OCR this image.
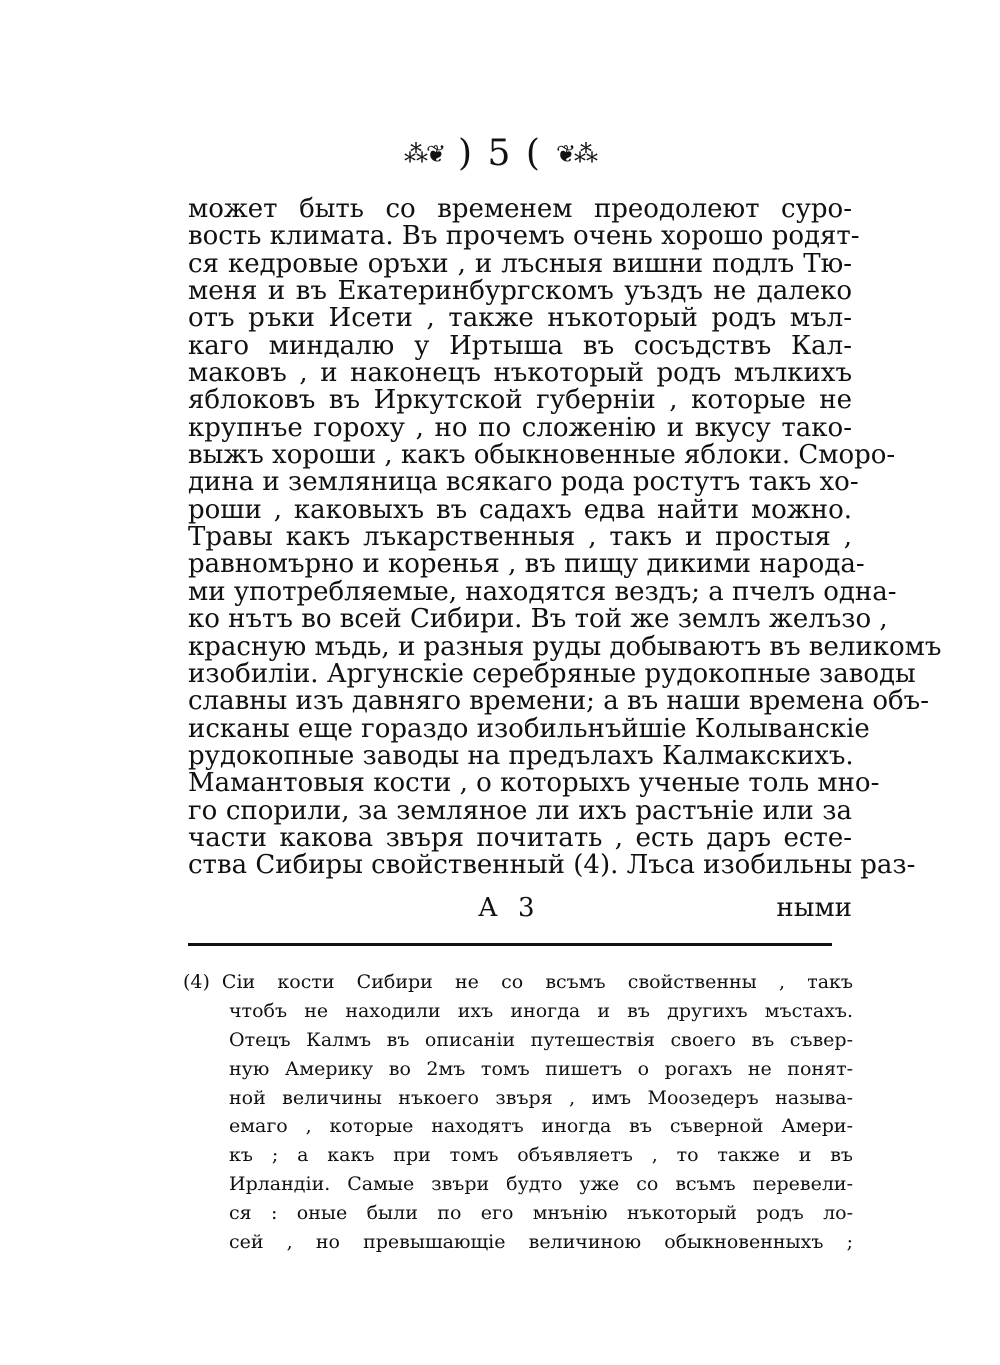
⁂❦ ) 5 ( ❦⁂
может быть со временем преодолеют суро-
вость климата. Въ прочемъ очень хорошо родят-
ся кедровые оръхи , и лъсныя вишни подлъ Тю-
меня и въ Екатеринбургскомъ уъздъ не далеко
отъ ръки Исети , также нъкоторый родъ мъл-
каго миндалю у Иртыша въ сосъдствъ Кал-
маковъ , и наконецъ нъкоторый родъ мълкихъ
яблоковъ въ Иркутской губернiи , которые не
крупнъе гороху , но по сложенiю и вкусу тако-
выжъ хороши , какъ обыкновенные яблоки. Сморо-
дина и земляница всякаго рода ростутъ такъ хо-
роши , каковыхъ въ садахъ едва найти можно.
Травы какъ лъкарственныя , такъ и простыя ,
равномърно и коренья , въ пищу дикими народа-
ми употребляемые, находятся вездъ; а пчелъ одна-
ко нътъ во всей Сибири. Въ той же землъ желъзо ,
красную мъдь, и разныя руды добываютъ въ великомъ
изобилiи. Аргунскiе серебряные рудокопные заводы
славны изъ давняго времени; а въ наши времена объ-
исканы еще гораздо изобильнъйшiе Колыванскiе
рудокопные заводы на предълахъ Калмакскихъ.
Мамантовыя кости , о которыхъ ученые толь мно-
го спорили, за земляное ли ихъ растънiе или за
части какова звъря почитать , есть даръ есте-
ства Сибиры свойственный (4). Лъса изобильны раз-
А 3	ными
(4) Сiи кости Сибири не со всъмъ свойственны , такъ
чтобъ не находили ихъ иногда и въ другихъ мъстахъ.
Отецъ Калмъ въ описанiи путешествiя своего въ съвер-
ную Америку во 2мъ томъ пишетъ о рогахъ не понят-
ной величины нъкоего звъря , имъ Моозедеръ называ-
емаго , которые находятъ иногда въ съверной Амери-
къ ; а какъ при томъ объявляетъ , то также и въ
Ирландiи. Самые звъри будто уже со всъмъ перевели-
ся : оные были по его мнънiю нъкоторый родъ ло-
сей , но превышающiе величиною обыкновенныхъ ;
